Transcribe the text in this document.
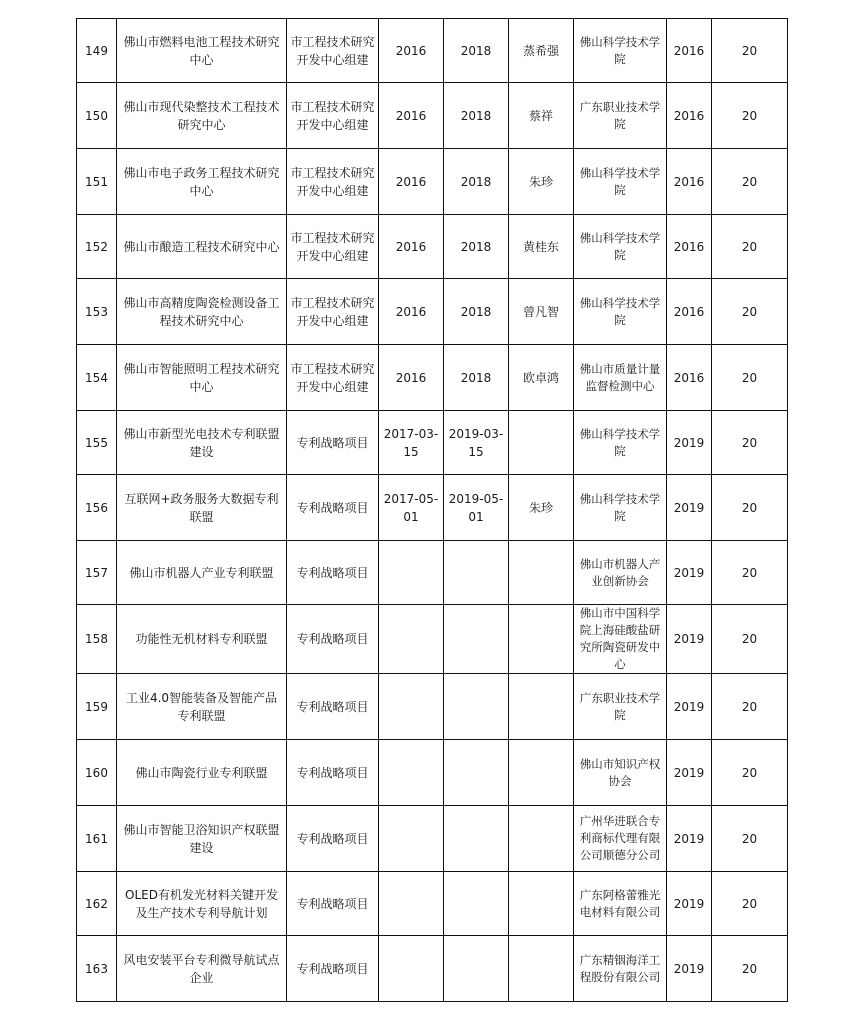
149	佛山市燃料电池工程技术研究中心	市工程技术研究开发中心组建	2016	2018	蒸希强	佛山科学技术学院	2016	20
150	佛山市现代染整技术工程技术研究中心	市工程技术研究开发中心组建	2016	2018	蔡祥	广东职业技术学院	2016	20
151	佛山市电子政务工程技术研究中心	市工程技术研究开发中心组建	2016	2018	朱珍	佛山科学技术学院	2016	20
152	佛山市酿造工程技术研究中心	市工程技术研究开发中心组建	2016	2018	黄桂东	佛山科学技术学院	2016	20
153	佛山市高精度陶瓷检测设备工程技术研究中心	市工程技术研究开发中心组建	2016	2018	曾凡智	佛山科学技术学院	2016	20
154	佛山市智能照明工程技术研究中心	市工程技术研究开发中心组建	2016	2018	欧卓鸿	佛山市质量计量监督检测中心	2016	20
155	佛山市新型光电技术专利联盟建设	专利战略项目	2017-03-15	2019-03-15		佛山科学技术学院	2019	20
156	互联网+政务服务大数据专利联盟	专利战略项目	2017-05-01	2019-05-01	朱珍	佛山科学技术学院	2019	20
157	佛山市机器人产业专利联盟	专利战略项目				佛山市机器人产业创新协会	2019	20
158	功能性无机材料专利联盟	专利战略项目				佛山市中国科学院上海硅酸盐研究所陶瓷研发中心	2019	20
159	工业4.0智能装备及智能产品专利联盟	专利战略项目				广东职业技术学院	2019	20
160	佛山市陶瓷行业专利联盟	专利战略项目				佛山市知识产权协会	2019	20
161	佛山市智能卫浴知识产权联盟建设	专利战略项目				广州华进联合专利商标代理有限公司顺德分公司	2019	20
162	OLED有机发光材料关键开发及生产技术专利导航计划	专利战略项目				广东阿格蕾雅光电材料有限公司	2019	20
163	风电安装平台专利微导航试点企业	专利战略项目				广东精铟海洋工程股份有限公司	2019	20
